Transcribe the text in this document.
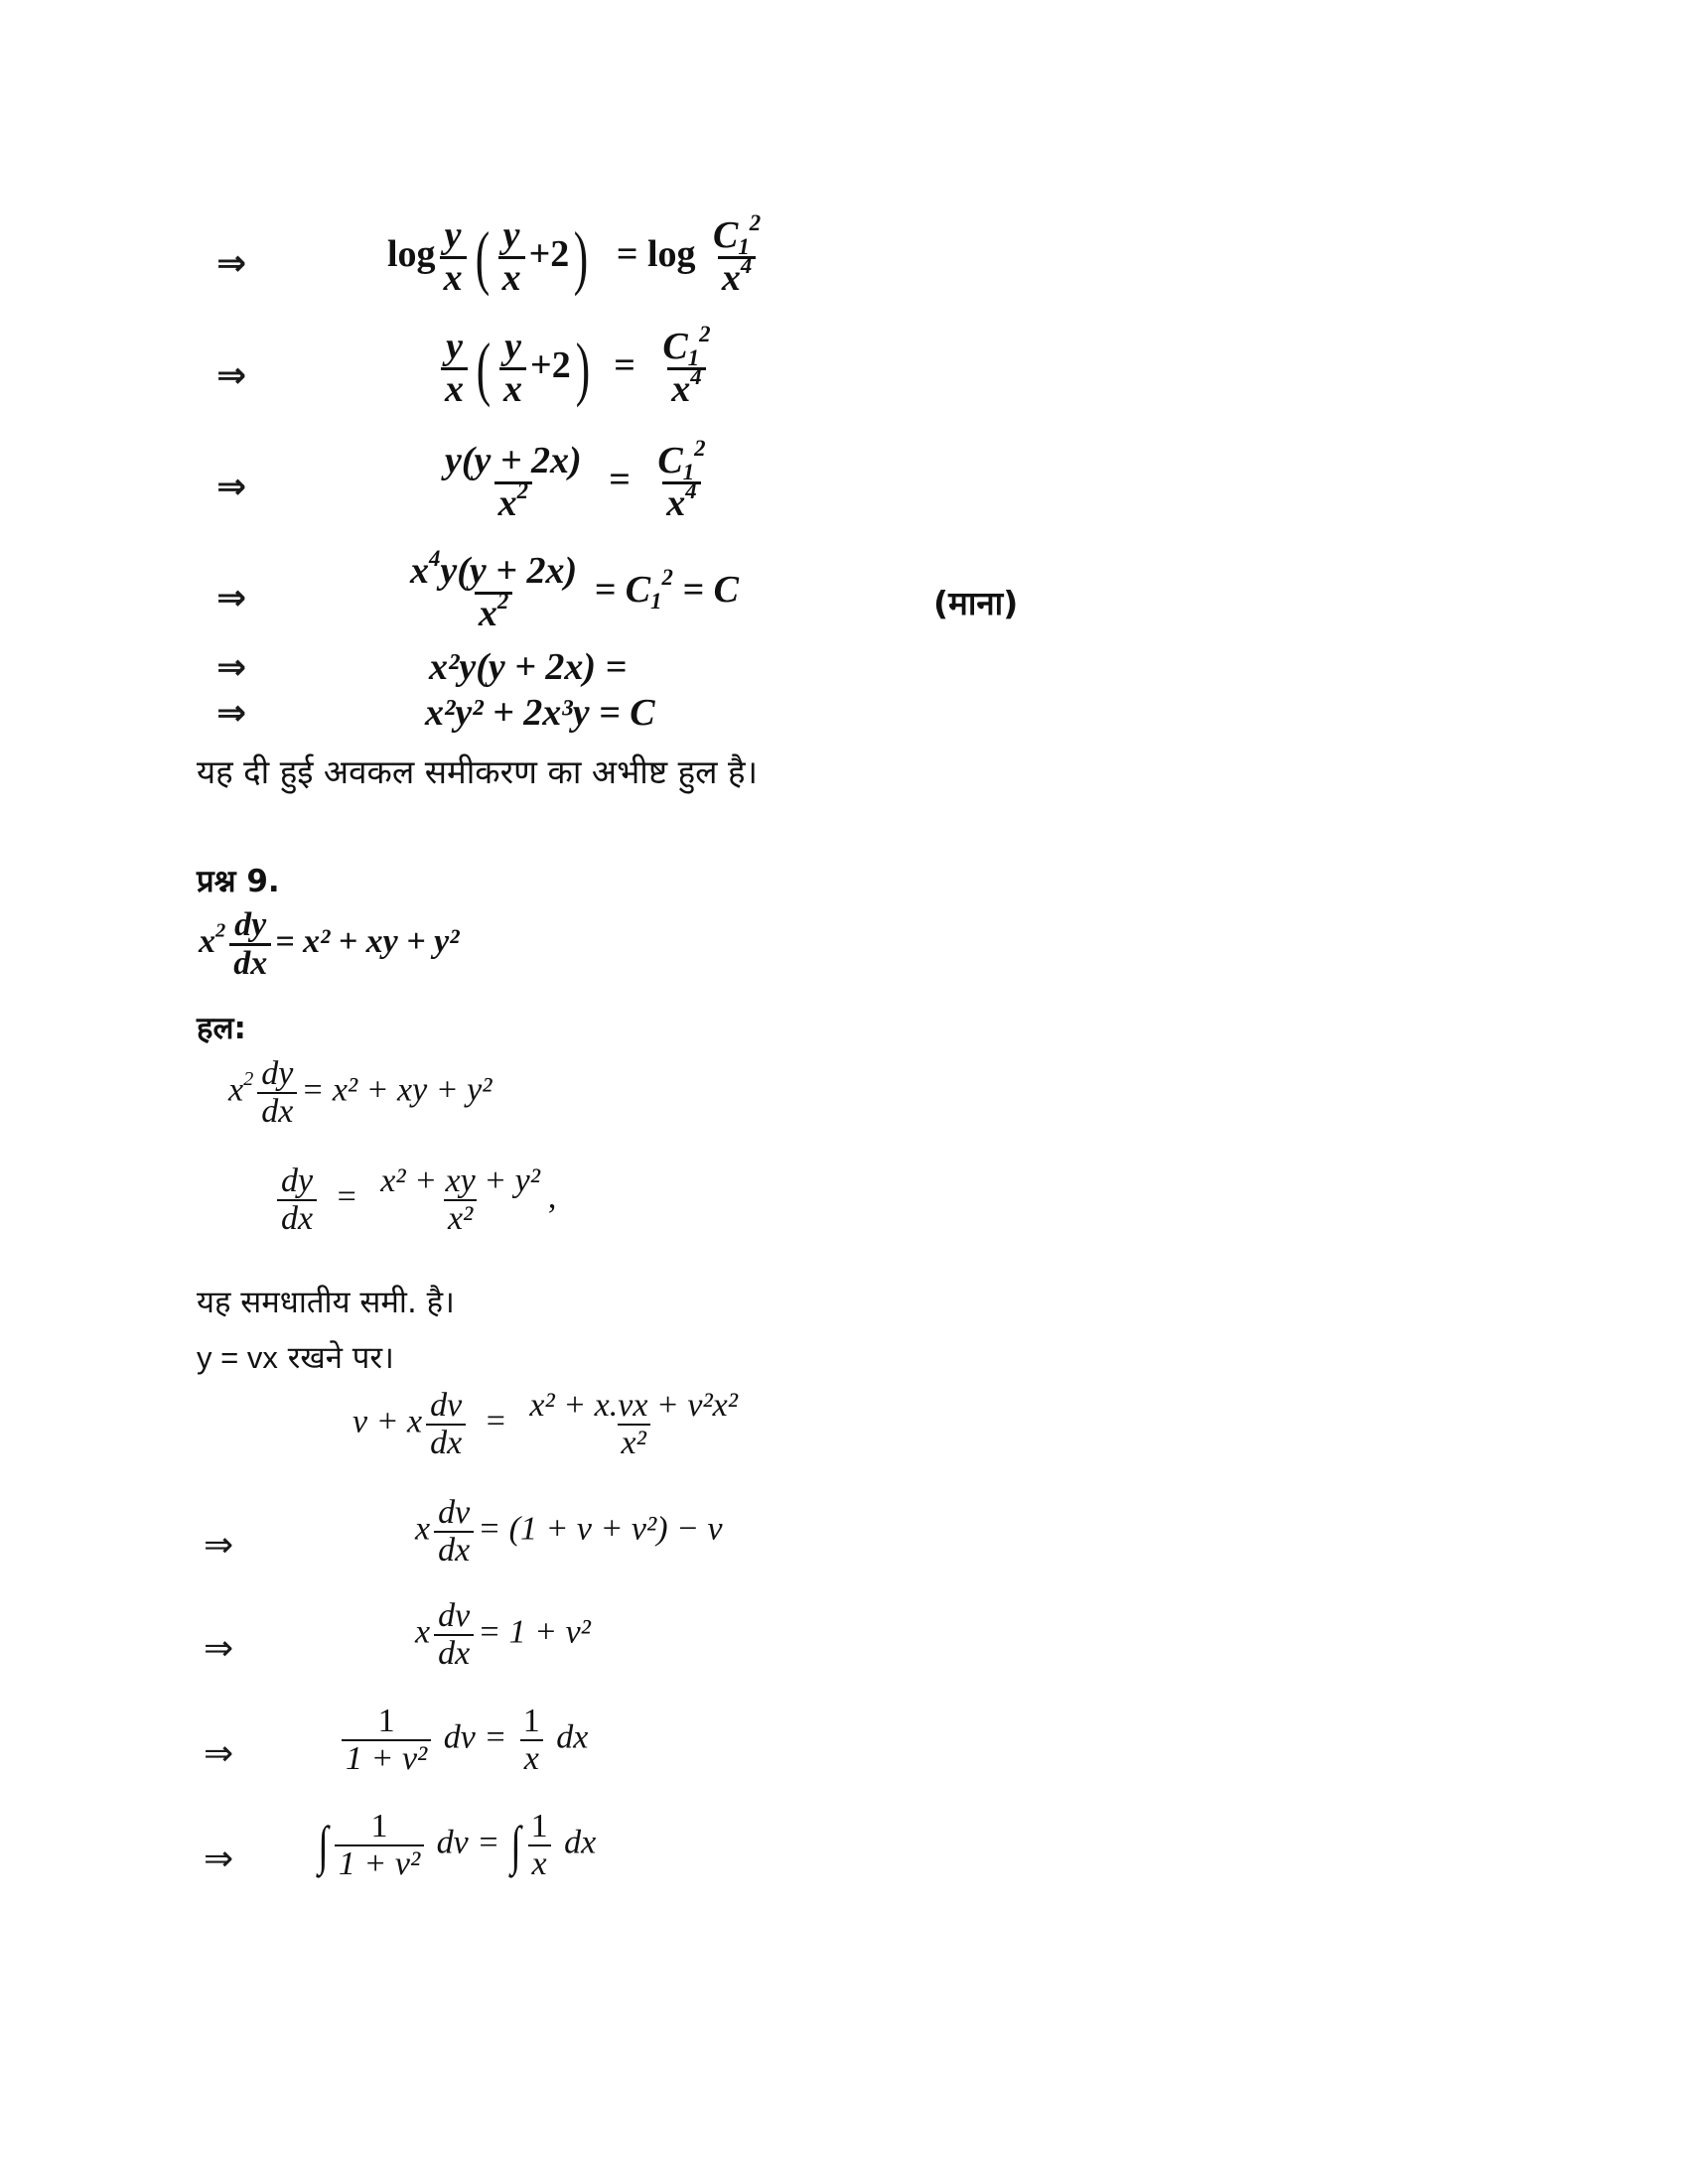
⇒	$\log \frac{y}{x}$ ( $\frac{y}{x} +2) = \log \frac{C_1^2}{x^4}$
⇒	$\frac{y}{x}$ ( $\frac{y}{x} +2) = \frac{C_1^2}{x^4}$
⇒	$\frac{y(y + 2x)}{x^2} = \frac{C_1^2}{x^4}$
⇒	$\frac{x^4y(y + 2x)}{x^2} = C_1^2 = C$	(माना)
⇒	x²y(y + 2x) =
⇒	x²y² + 2x³y = C
यह दी हुई अवकल समीकरण का अभीष्ट हुल है।
प्रश्न 9.
$x^2 \frac{dy}{dx} = x^2$ + xy + y²
हल:
$x^2 \frac{dy}{dx} = x^2$ + xy + y²
$\frac{dy}{dx} = \frac{\text{x² + xy + y²}}{\text{x²}}$ ,
यह समधातीय समी. है।
y = vx रखने पर।
v + x $\frac{dv}{dx} = \frac{\text{x² + x.vx + v²x²}}{\text{x²}}$
⇒	x $\frac{dv}{dx} = (1 + v + v^2) - v$
⇒	x $\frac{dv}{dx} = 1 + v^2$
⇒	$\frac{1}{\text{1 + v²}}$ dv = $\frac{1}{x}$ dx
⇒ ∫ $\frac{1}{\text{1 + v²}}$ dv = ∫ $\frac{1}{x}$ dx
